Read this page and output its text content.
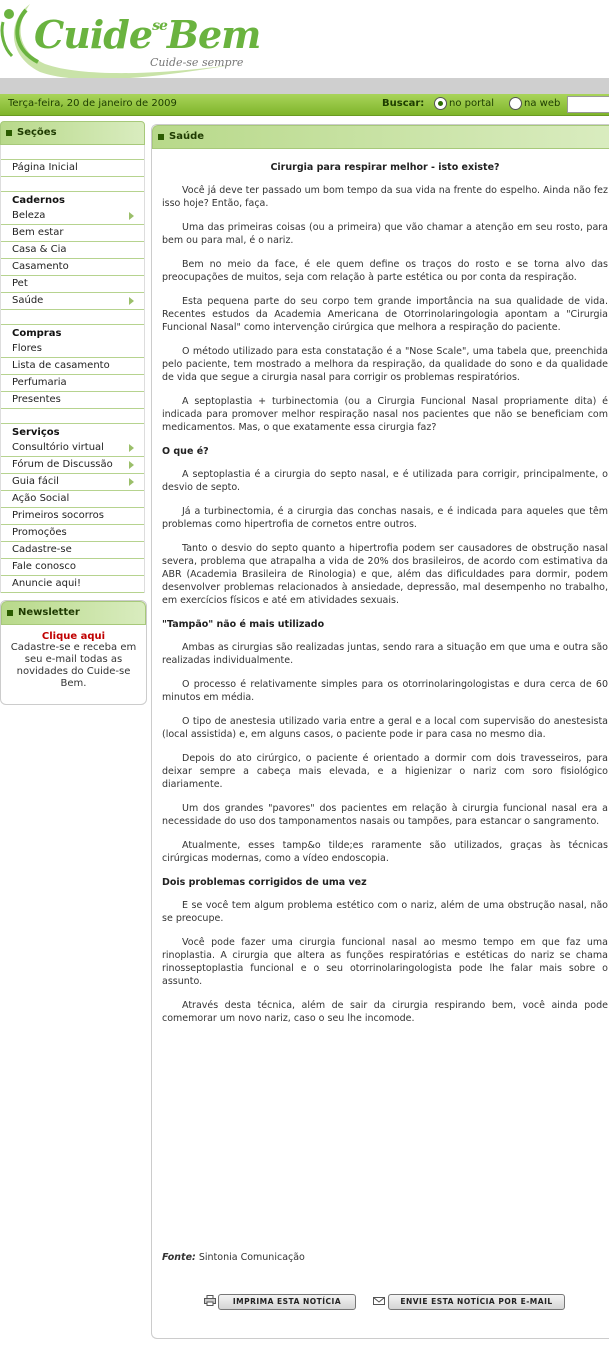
Cuide$^{se}$Bem
Cuide-se sempre
Terça-feira, 20 de janeiro de 2009	Buscar: no portal	na web
Seções
Página Inicial
Cadernos
Beleza
Bem estar
Casa & Cia
Casamento
Pet
Saúde
Compras
Flores
Lista de casamento
Perfumaria
Presentes
Serviços
Consultório virtual
Fórum de Discussão
Guia fácil
Ação Social
Primeiros socorros
Promoções
Cadastre-se
Fale conosco
Anuncie aqui!
Newsletter
Clique aqui
Cadastre-se e receba em seu e-mail todas as novidades do Cuide-se Bem.
Saúde
Cirurgia para respirar melhor - isto existe?

Você já deve ter passado um bom tempo da sua vida na frente do espelho. Ainda não fez isso hoje? Então, faça.

Uma das primeiras coisas (ou a primeira) que vão chamar a atenção em seu rosto, para bem ou para mal, é o nariz.

Bem no meio da face, é ele quem define os traços do rosto e se torna alvo das preocupações de muitos, seja com relação à parte estética ou por conta da respiração.

Esta pequena parte do seu corpo tem grande importância na sua qualidade de vida. Recentes estudos da Academia Americana de Otorrinolaringologia apontam a "Cirurgia Funcional Nasal" como intervenção cirúrgica que melhora a respiração do paciente.

O método utilizado para esta constatação é a "Nose Scale", uma tabela que, preenchida pelo paciente, tem mostrado a melhora da respiração, da qualidade do sono e da qualidade de vida que segue a cirurgia nasal para corrigir os problemas respiratórios.

A septoplastia + turbinectomia (ou a Cirurgia Funcional Nasal propriamente dita) é indicada para promover melhor respiração nasal nos pacientes que não se beneficiam com medicamentos. Mas, o que exatamente essa cirurgia faz?

O que é?

A septoplastia é a cirurgia do septo nasal, e é utilizada para corrigir, principalmente, o desvio de septo.

Já a turbinectomia, é a cirurgia das conchas nasais, e é indicada para aqueles que têm problemas como hipertrofia de cornetos entre outros.

Tanto o desvio do septo quanto a hipertrofia podem ser causadores de obstrução nasal severa, problema que atrapalha a vida de 20% dos brasileiros, de acordo com estimativa da ABR (Academia Brasileira de Rinologia) e que, além das dificuldades para dormir, podem desenvolver problemas relacionados à ansiedade, depressão, mal desempenho no trabalho, em exercícios físicos e até em atividades sexuais.

"Tampão" não é mais utilizado

Ambas as cirurgias são realizadas juntas, sendo rara a situação em que uma e outra são realizadas individualmente.

O processo é relativamente simples para os otorrinolaringologistas e dura cerca de 60 minutos em média.

O tipo de anestesia utilizado varia entre a geral e a local com supervisão do anestesista (local assistida) e, em alguns casos, o paciente pode ir para casa no mesmo dia.

Depois do ato cirúrgico, o paciente é orientado a dormir com dois travesseiros, para deixar sempre a cabeça mais elevada, e a higienizar o nariz com soro fisiológico diariamente.

Um dos grandes "pavores" dos pacientes em relação à cirurgia funcional nasal era a necessidade do uso dos tamponamentos nasais ou tampões, para estancar o sangramento.

Atualmente, esses tamp&o tilde;es raramente são utilizados, graças às técnicas cirúrgicas modernas, como a vídeo endoscopia.

Dois problemas corrigidos de uma vez

E se você tem algum problema estético com o nariz, além de uma obstrução nasal, não se preocupe.

Você pode fazer uma cirurgia funcional nasal ao mesmo tempo em que faz uma rinoplastia. A cirurgia que altera as funções respiratórias e estéticas do nariz se chama rinosseptoplastia funcional e o seu otorrinolaringologista pode lhe falar mais sobre o assunto.

Através desta técnica, além de sair da cirurgia respirando bem, você ainda pode comemorar um novo nariz, caso o seu lhe incomode.

Fonte: Sintonia Comunicação
IMPRIMA ESTA NOTÍCIA	ENVIE ESTA NOTÍCIA POR E-MAIL
